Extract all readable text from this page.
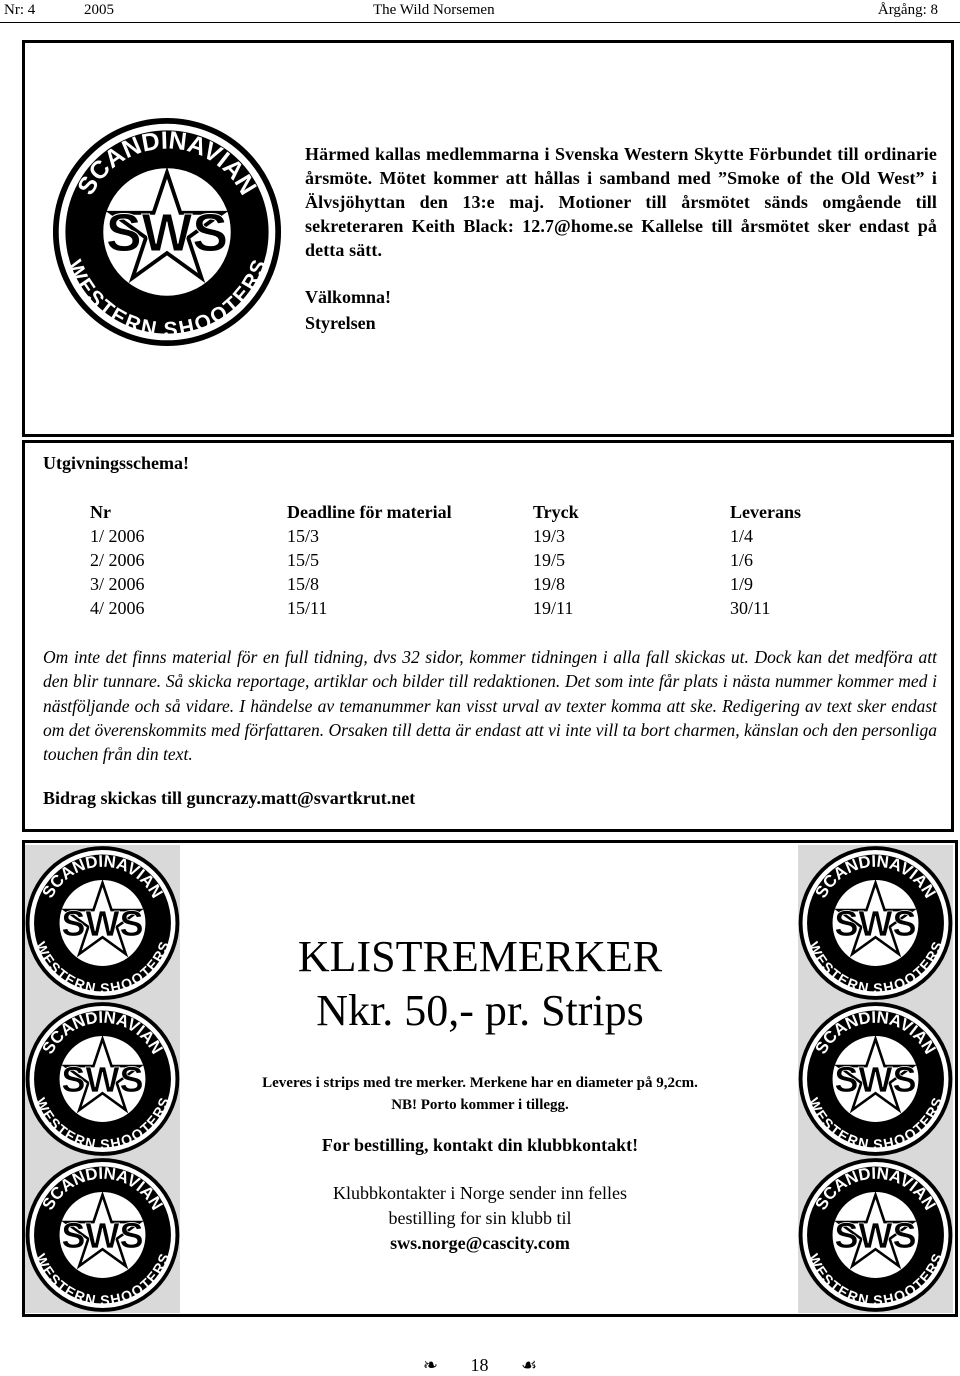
Nr: 4	2005	The Wild Norsemen	Årgång: 8

Härmed kallas medlemmarna i Svenska Western Skytte Förbundet till ordinarie årsmöte. Mötet kommer att hållas i samband med ”Smoke of the Old West” i Älvsjöhyttan den 13:e maj. Motioner till årsmötet sänds omgående till sekreteraren Keith Black: 12.7@home.se Kallelse till årsmötet sker endast på detta sätt.

Välkomna!
Styrelsen
Utgivningsschema!
Nr	Deadline för material	Tryck	Leverans
1/ 2006	15/3	19/3	1/4
2/ 2006	15/5	19/5	1/6
3/ 2006	15/8	19/8	1/9
4/ 2006	15/11	19/11	30/11
Om inte det finns material för en full tidning, dvs 32 sidor, kommer tidningen i alla fall skickas ut. Dock kan det medföra att den blir tunnare. Så skicka reportage, artiklar och bilder till redaktionen. Det som inte får plats i nästa nummer kommer med i nästföljande och så vidare. I händelse av temanummer kan visst urval av texter komma att ske. Redigering av text sker endast om det överenskommits med författaren. Orsaken till detta är endast att vi inte vill ta bort charmen, känslan och den personliga touchen från din text.
Bidrag skickas till guncrazy.matt@svartkrut.net
KLISTREMERKER
Nkr. 50,- pr. Strips
Leveres i strips med tre merker. Merkene har en diameter på 9,2cm.
NB! Porto kommer i tillegg.
For bestilling, kontakt din klubbkontakt!
Klubbkontakter i Norge sender inn felles
bestilling for sin klubb til
sws.norge@cascity.com
❧ 18 ☙
